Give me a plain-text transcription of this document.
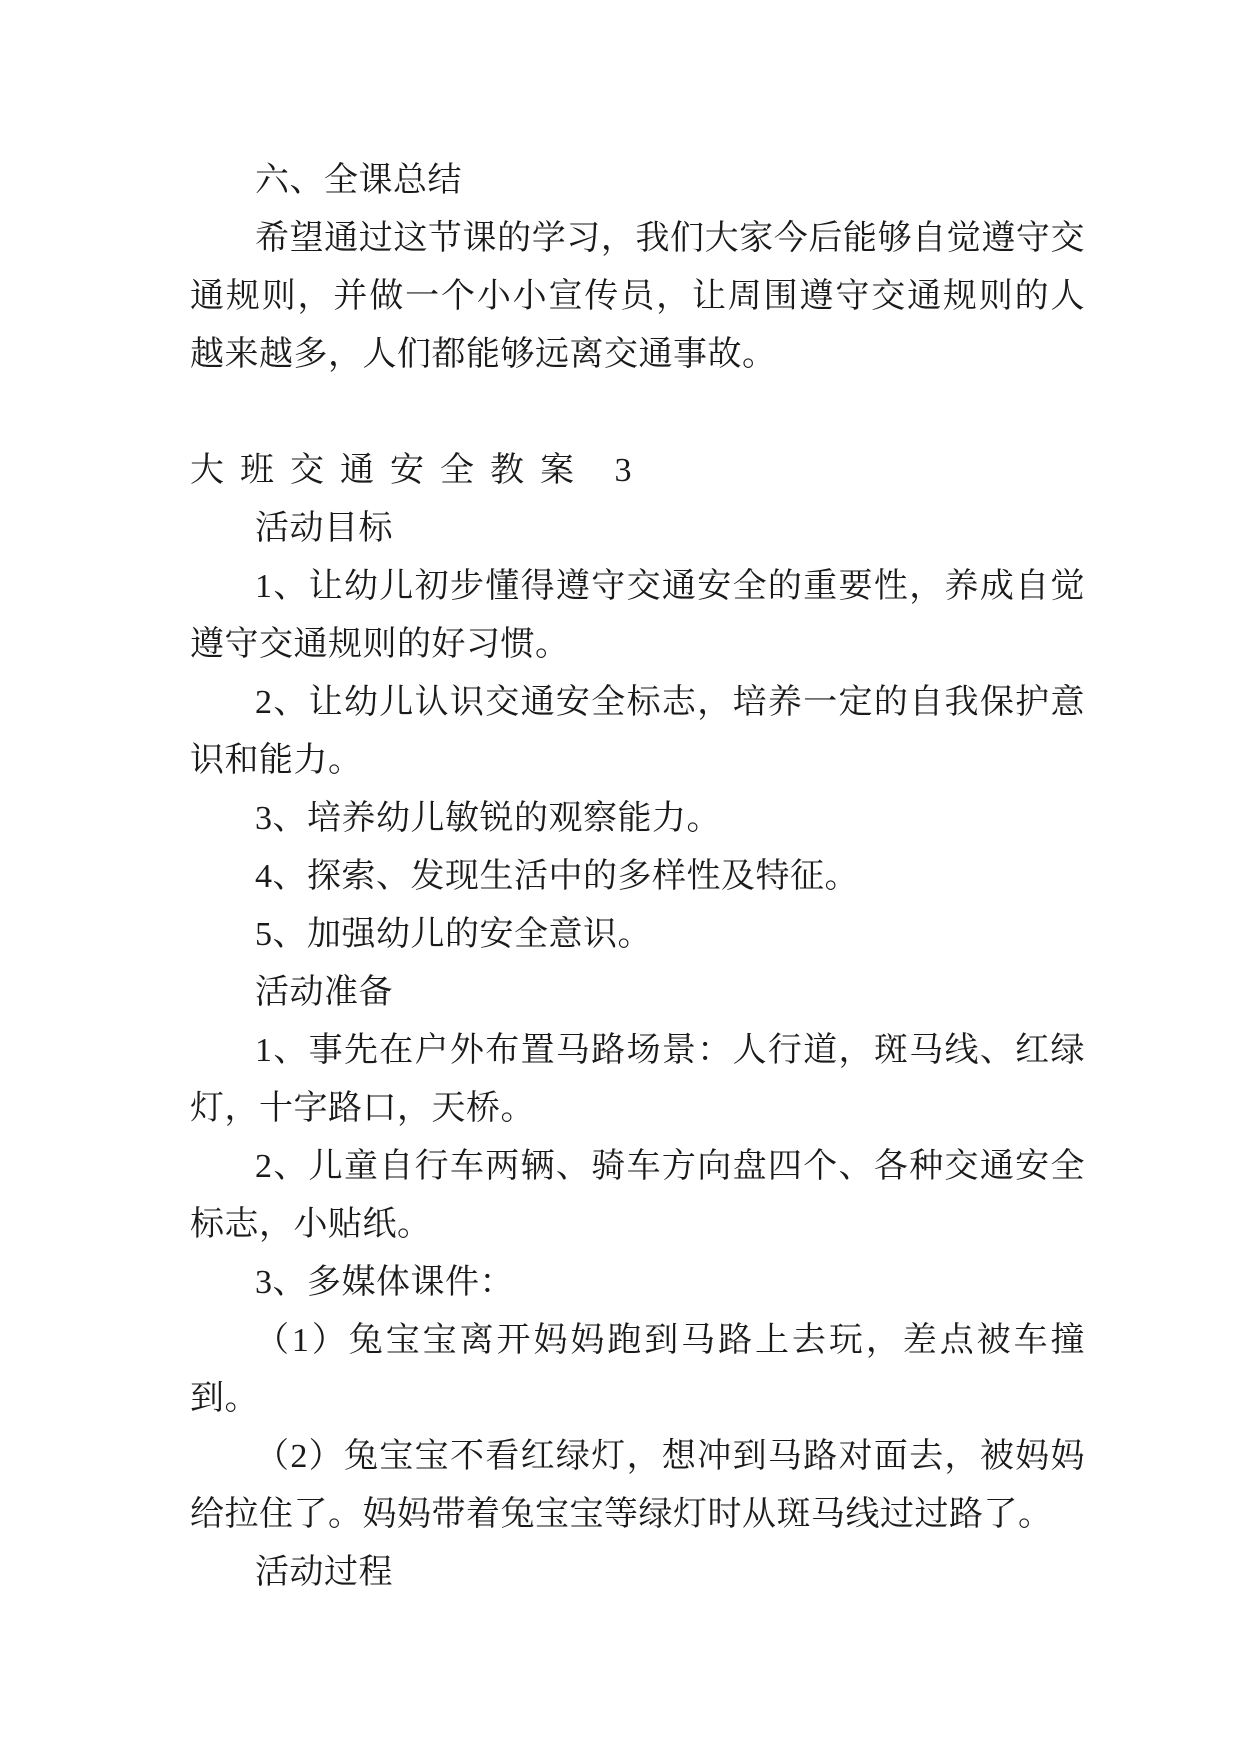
六、全课总结

希望通过这节课的学习，我们大家今后能够自觉遵守交通规则，并做一个小小宣传员，让周围遵守交通规则的人越来越多，人们都能够远离交通事故。

大班交通安全教案 3

活动目标

1、让幼儿初步懂得遵守交通安全的重要性，养成自觉遵守交通规则的好习惯。

2、让幼儿认识交通安全标志，培养一定的自我保护意识和能力。

3、培养幼儿敏锐的观察能力。

4、探索、发现生活中的多样性及特征。

5、加强幼儿的安全意识。

活动准备

1、事先在户外布置马路场景：人行道，斑马线、红绿灯，十字路口，天桥。

2、儿童自行车两辆、骑车方向盘四个、各种交通安全标志，小贴纸。

3、多媒体课件：

（1）兔宝宝离开妈妈跑到马路上去玩，差点被车撞到。

（2）兔宝宝不看红绿灯，想冲到马路对面去，被妈妈给拉住了。妈妈带着兔宝宝等绿灯时从斑马线过过路了。

活动过程
